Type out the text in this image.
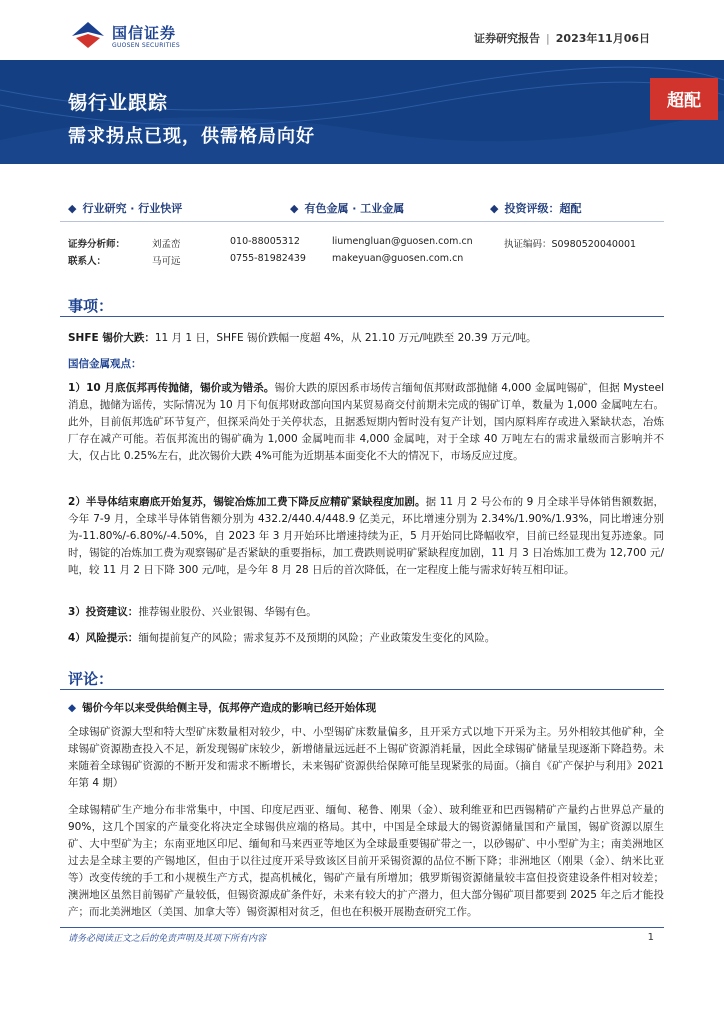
国信证券
GUOSEN SECURITIES
证券研究报告 | 2023年11月06日
锡行业跟踪
需求拐点已现，供需格局向好
超配
◆ 行业研究 · 行业快评	◆ 有色金属 · 工业金属	◆ 投资评级：超配
证券分析师：	刘孟峦	010-88005312	liumengluan@guosen.com.cn	执证编码：S0980520040001
联系人：	马可远	0755-81982439	makeyuan@guosen.com.cn
事项：
SHFE 锡价大跌：11 月 1 日，SHFE 锡价跌幅一度超 4%，从 21.10 万元/吨跌至 20.39 万元/吨。
国信金属观点：
1）10 月底佤邦再传抛储，锡价或为错杀。锡价大跌的原因系市场传言缅甸佤邦财政部抛储 4,000 金属吨锡矿，但据 Mysteel 消息，抛储为谣传，实际情况为 10 月下旬佤邦财政部向国内某贸易商交付前期未完成的锡矿订单，数量为 1,000 金属吨左右。此外，目前佤邦选矿环节复产，但探采尚处于关停状态，且据悉短期内暂时没有复产计划，国内原料库存或进入紧缺状态，冶炼厂存在减产可能。若佤邦流出的锡矿确为 1,000 金属吨而非 4,000 金属吨，对于全球 40 万吨左右的需求量级而言影响并不大，仅占比 0.25%左右，此次锡价大跌 4%可能为近期基本面变化不大的情况下，市场反应过度。
2）半导体结束磨底开始复苏，锡锭冶炼加工费下降反应精矿紧缺程度加剧。据 11 月 2 号公布的 9 月全球半导体销售额数据，今年 7-9 月，全球半导体销售额分别为 432.2/440.4/448.9 亿美元，环比增速分别为 2.34%/1.90%/1.93%，同比增速分别为-11.80%/-6.80%/-4.50%，自 2023 年 3 月开始环比增速持续为正，5 月开始同比降幅收窄，目前已经显现出复苏迹象。同时，锡锭的冶炼加工费为观察锡矿是否紧缺的重要指标，加工费跌则说明矿紧缺程度加剧，11 月 3 日冶炼加工费为 12,700 元/吨，较 11 月 2 日下降 300 元/吨，是今年 8 月 28 日后的首次降低，在一定程度上能与需求好转互相印证。
3）投资建议：推荐锡业股份、兴业银锡、华锡有色。
4）风险提示：缅甸提前复产的风险；需求复苏不及预期的风险；产业政策发生变化的风险。
评论：
◆ 锡价今年以来受供给侧主导，佤邦停产造成的影响已经开始体现
全球锡矿资源大型和特大型矿床数量相对较少，中、小型锡矿床数量偏多，且开采方式以地下开采为主。另外相较其他矿种，全球锡矿资源勘查投入不足，新发现锡矿床较少，新增储量远远赶不上锡矿资源消耗量，因此全球锡矿储量呈现逐渐下降趋势。未来随着全球锡矿资源的不断开发和需求不断增长，未来锡矿资源供给保障可能呈现紧张的局面。（摘自《矿产保护与利用》2021 年第 4 期）
全球锡精矿生产地分布非常集中，中国、印度尼西亚、缅甸、秘鲁、刚果（金）、玻利维亚和巴西锡精矿产量约占世界总产量的 90%，这几个国家的产量变化将决定全球锡供应端的格局。其中，中国是全球最大的锡资源储量国和产量国，锡矿资源以原生矿、大中型矿为主；东南亚地区印尼、缅甸和马来西亚等地区为全球最重要锡矿带之一，以砂锡矿、中小型矿为主；南美洲地区过去是全球主要的产锡地区，但由于以往过度开采导致该区目前开采锡资源的品位不断下降；非洲地区（刚果（金）、纳米比亚等）改变传统的手工和小规模生产方式，提高机械化，锡矿产量有所增加；俄罗斯锡资源储量较丰富但投资建设条件相对较差；澳洲地区虽然目前锡矿产量较低，但锡资源成矿条件好，未来有较大的扩产潜力，但大部分锡矿项目都要到 2025 年之后才能投产；而北美洲地区（美国、加拿大等）锡资源相对贫乏，但也在积极开展勘查研究工作。
请务必阅读正文之后的免责声明及其项下所有内容	1
